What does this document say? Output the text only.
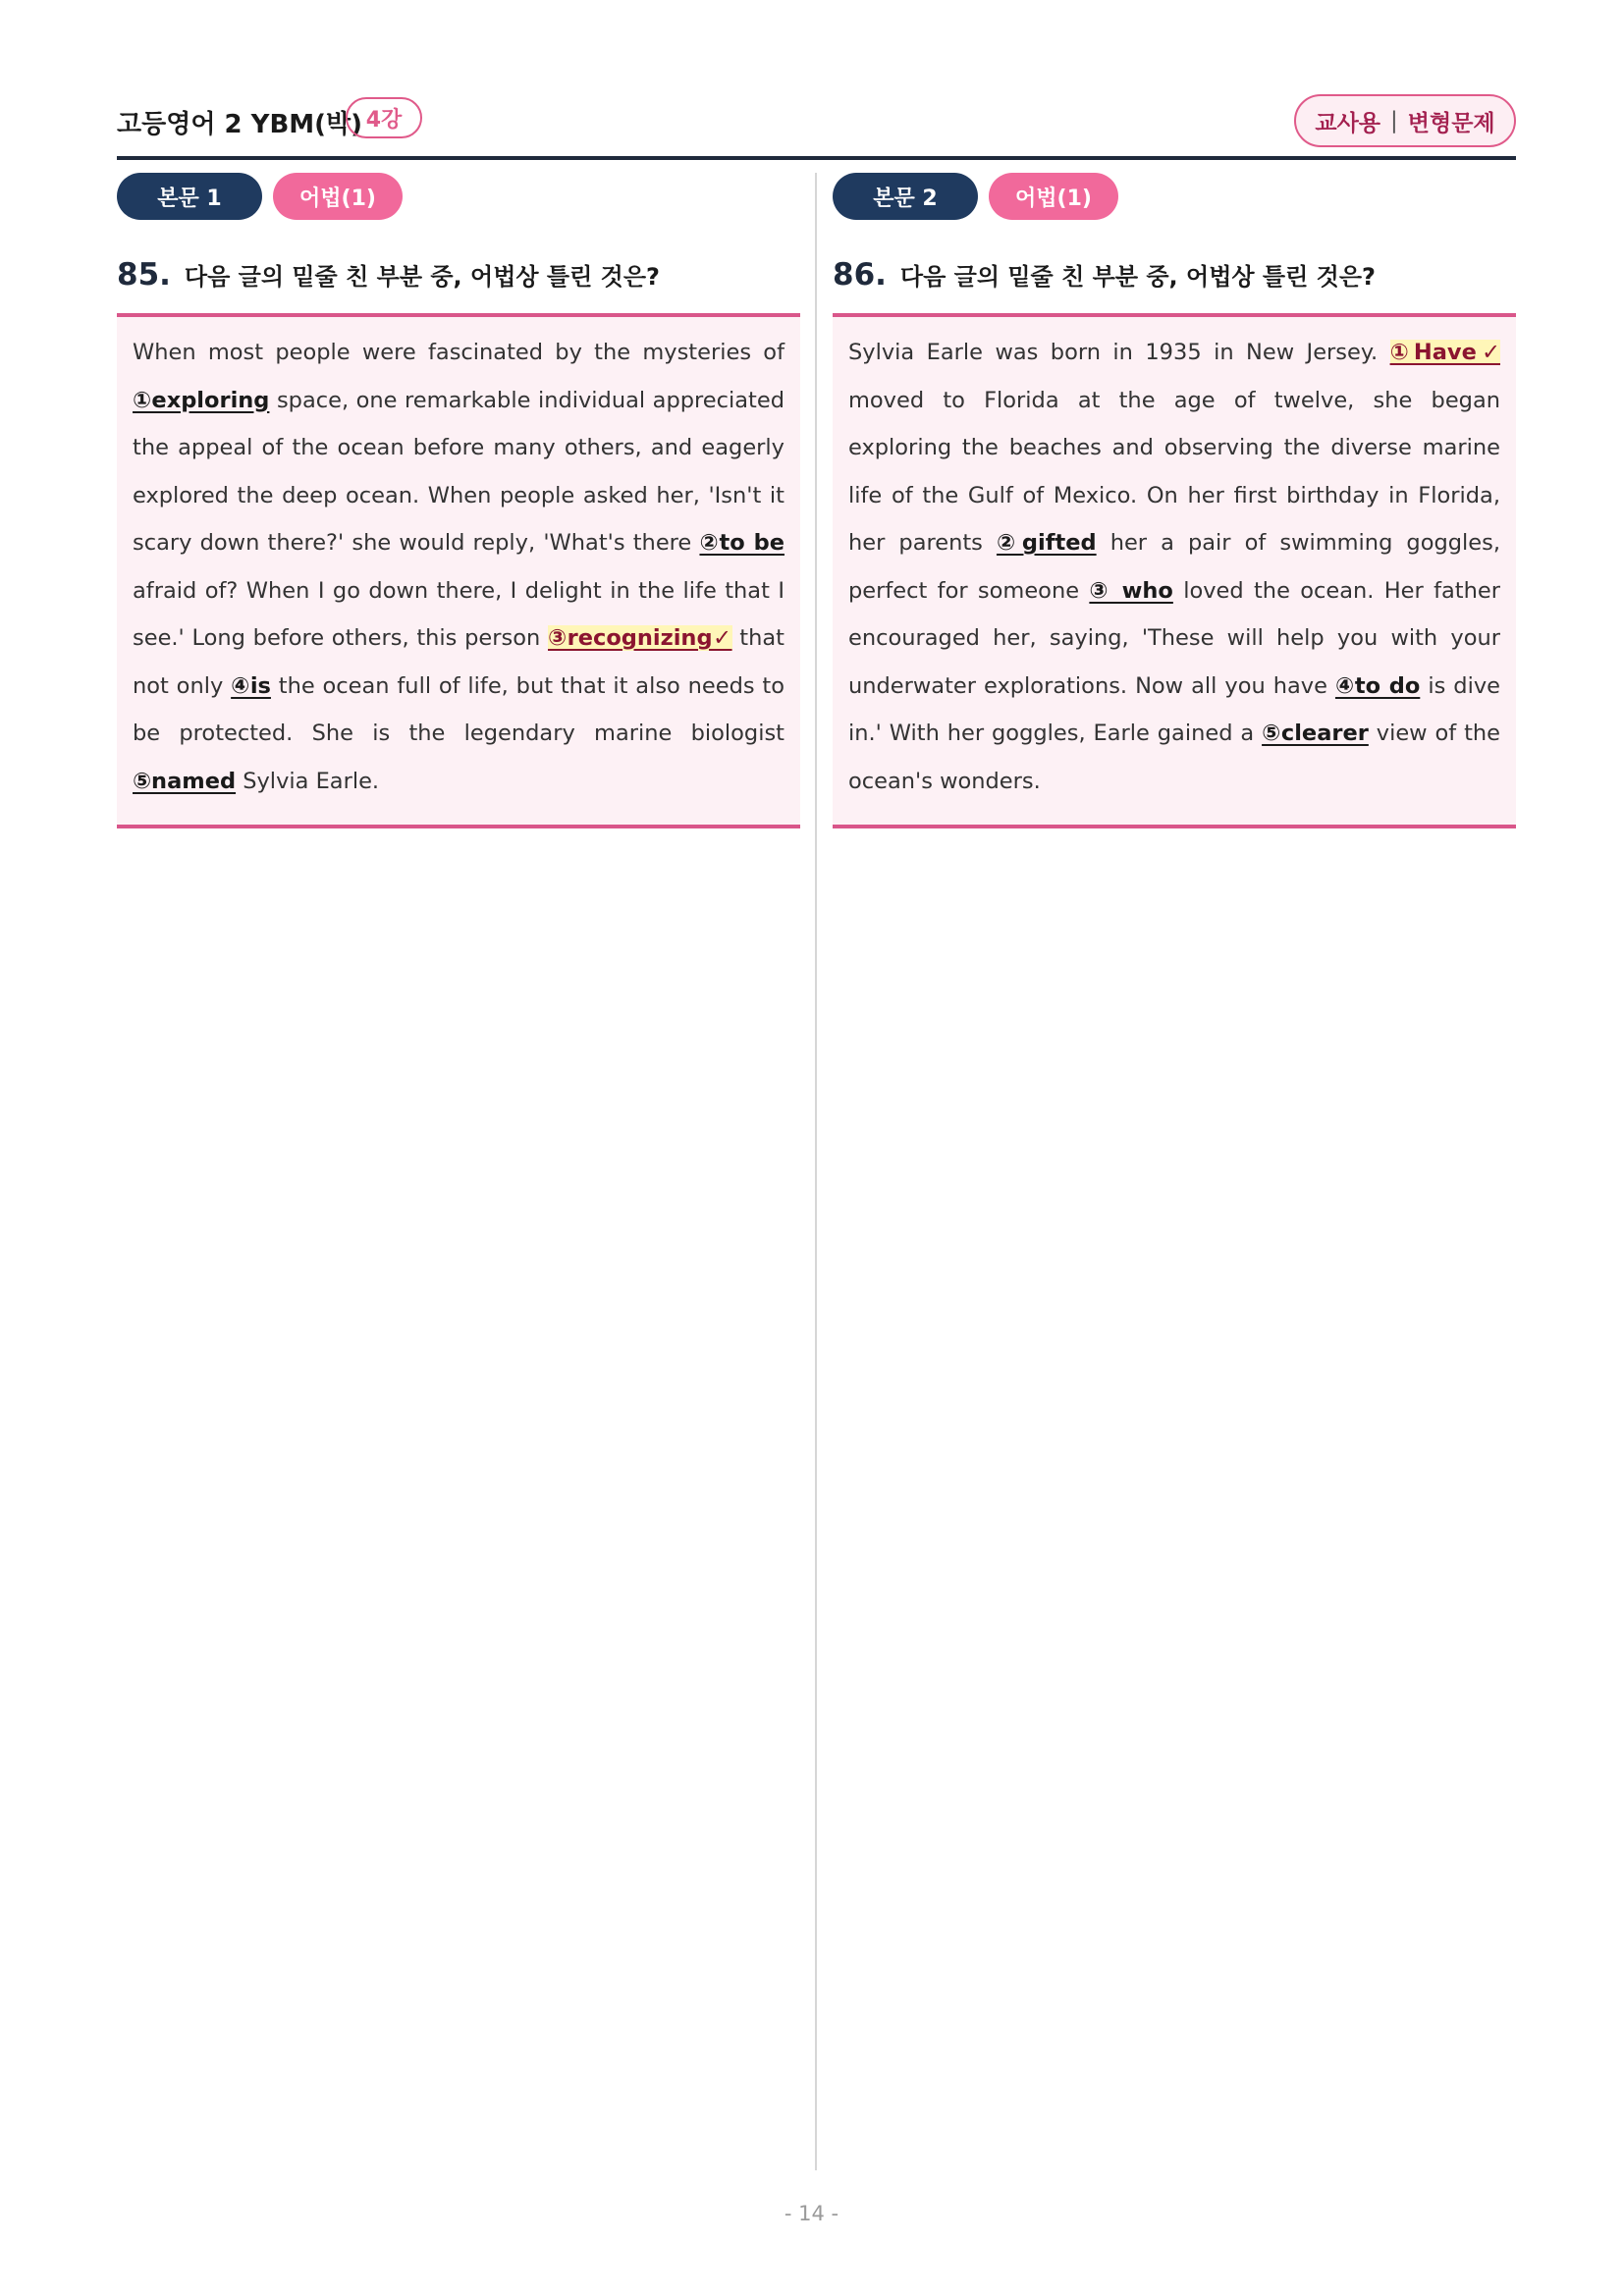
고등영어 2 YBM(박) 4강	교사용 | 변형문제
본문 1	어법(1)
85. 다음 글의 밑줄 친 부분 중, 어법상 틀린 것은?
When most people were fascinated by the mysteries of ①exploring space, one remarkable individual appreciated the appeal of the ocean before many others, and eagerly explored the deep ocean. When people asked her, 'Isn't it scary down there?' she would reply, 'What's there ②to be afraid of? When I go down there, I delight in the life that I see.' Long before others, this person ③recognizing✓ that not only ④is the ocean full of life, but that it also needs to be protected. She is the legendary marine biologist ⑤named Sylvia Earle.
본문 2	어법(1)
86. 다음 글의 밑줄 친 부분 중, 어법상 틀린 것은?
Sylvia Earle was born in 1935 in New Jersey. ①Have✓ moved to Florida at the age of twelve, she began exploring the beaches and observing the diverse marine life of the Gulf of Mexico. On her first birthday in Florida, her parents ②gifted her a pair of swimming goggles, perfect for someone ③ who loved the ocean. Her father encouraged her, saying, 'These will help you with your underwater explorations. Now all you have ④to do is dive in.' With her goggles, Earle gained a ⑤clearer view of the ocean's wonders.
- 14 -
